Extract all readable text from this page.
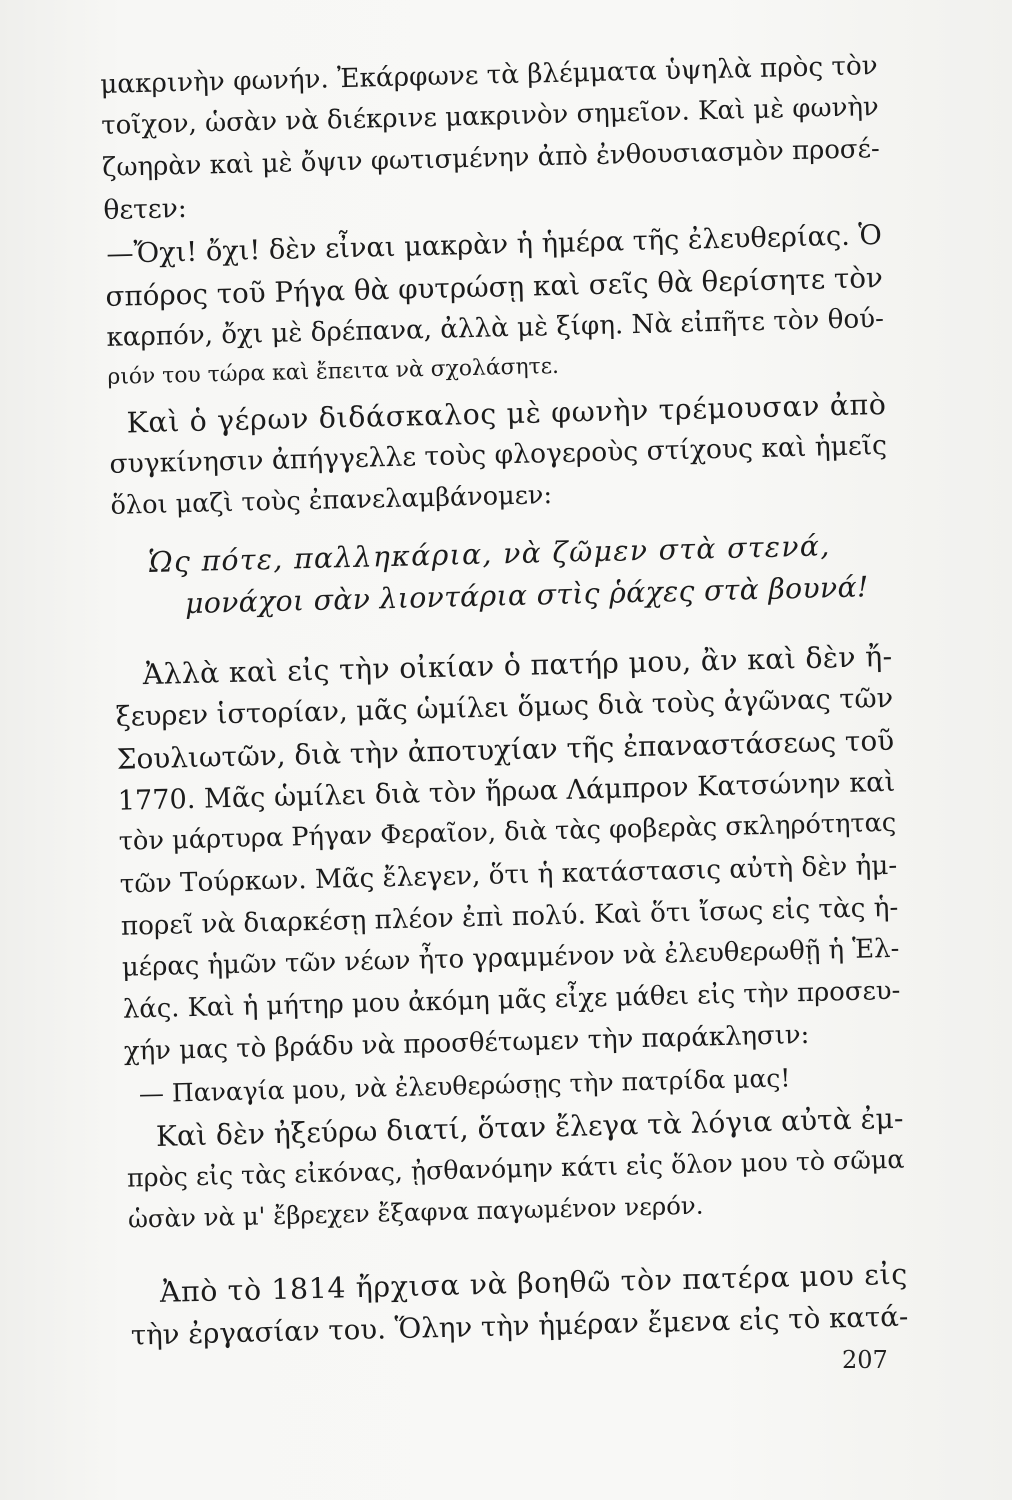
μακρινὴν φωνήν. Ἐκάρφωνε τὰ βλέμματα ὑψηλὰ πρὸς τὸν
τοῖχον, ὡσὰν νὰ διέκρινε μακρινὸν σημεῖον. Καὶ μὲ φωνὴν
ζωηρὰν καὶ μὲ ὄψιν φωτισμένην ἀπὸ ἐνθουσιασμὸν προσέ-
θετεν:
—Ὄχι! ὄχι! δὲν εἶναι μακρὰν ἡ ἡμέρα τῆς ἐλευθερίας. Ὁ
σπόρος τοῦ Ρήγα θὰ φυτρώσῃ καὶ σεῖς θὰ θερίσητε τὸν
καρπόν, ὄχι μὲ δρέπανα, ἀλλὰ μὲ ξίφη. Νὰ εἰπῆτε τὸν θού-
ριόν του τώρα καὶ ἔπειτα νὰ σχολάσητε.
Καὶ ὁ γέρων διδάσκαλος μὲ φωνὴν τρέμουσαν ἀπὸ
συγκίνησιν ἀπήγγελλε τοὺς φλογεροὺς στίχους καὶ ἡμεῖς
ὅλοι μαζὶ τοὺς ἐπανελαμβάνομεν:
Ὡς πότε, παλληκάρια, νὰ ζῶμεν στὰ στενά,
μονάχοι σὰν λιοντάρια στὶς ῥάχες στὰ βουνά!
Ἀλλὰ καὶ εἰς τὴν οἰκίαν ὁ πατήρ μου, ἂν καὶ δὲν ἤ-
ξευρεν ἱστορίαν, μᾶς ὡμίλει ὅμως διὰ τοὺς ἀγῶνας τῶν
Σουλιωτῶν, διὰ τὴν ἀποτυχίαν τῆς ἐπαναστάσεως τοῦ
1770. Μᾶς ὡμίλει διὰ τὸν ἥρωα Λάμπρον Κατσώνην καὶ
τὸν μάρτυρα Ρήγαν Φεραῖον, διὰ τὰς φοβερὰς σκληρότητας
τῶν Τούρκων. Μᾶς ἔλεγεν, ὅτι ἡ κατάστασις αὐτὴ δὲν ἠμ-
πορεῖ νὰ διαρκέσῃ πλέον ἐπὶ πολύ. Καὶ ὅτι ἴσως εἰς τὰς ἡ-
μέρας ἡμῶν τῶν νέων ἦτο γραμμένον νὰ ἐλευθερωθῇ ἡ Ἑλ-
λάς. Καὶ ἡ μήτηρ μου ἀκόμη μᾶς εἶχε μάθει εἰς τὴν προσευ-
χήν μας τὸ βράδυ νὰ προσθέτωμεν τὴν παράκλησιν:
— Παναγία μου, νὰ ἐλευθερώσῃς τὴν πατρίδα μας!
Καὶ δὲν ἠξεύρω διατί, ὅταν ἔλεγα τὰ λόγια αὐτὰ ἐμ-
πρὸς εἰς τὰς εἰκόνας, ᾐσθανόμην κάτι εἰς ὅλον μου τὸ σῶμα
ὡσὰν νὰ μ' ἔβρεχεν ἔξαφνα παγωμένον νερόν.
Ἀπὸ τὸ 1814 ἤρχισα νὰ βοηθῶ τὸν πατέρα μου εἰς
τὴν ἐργασίαν του. Ὅλην τὴν ἡμέραν ἔμενα εἰς τὸ κατά-
207
